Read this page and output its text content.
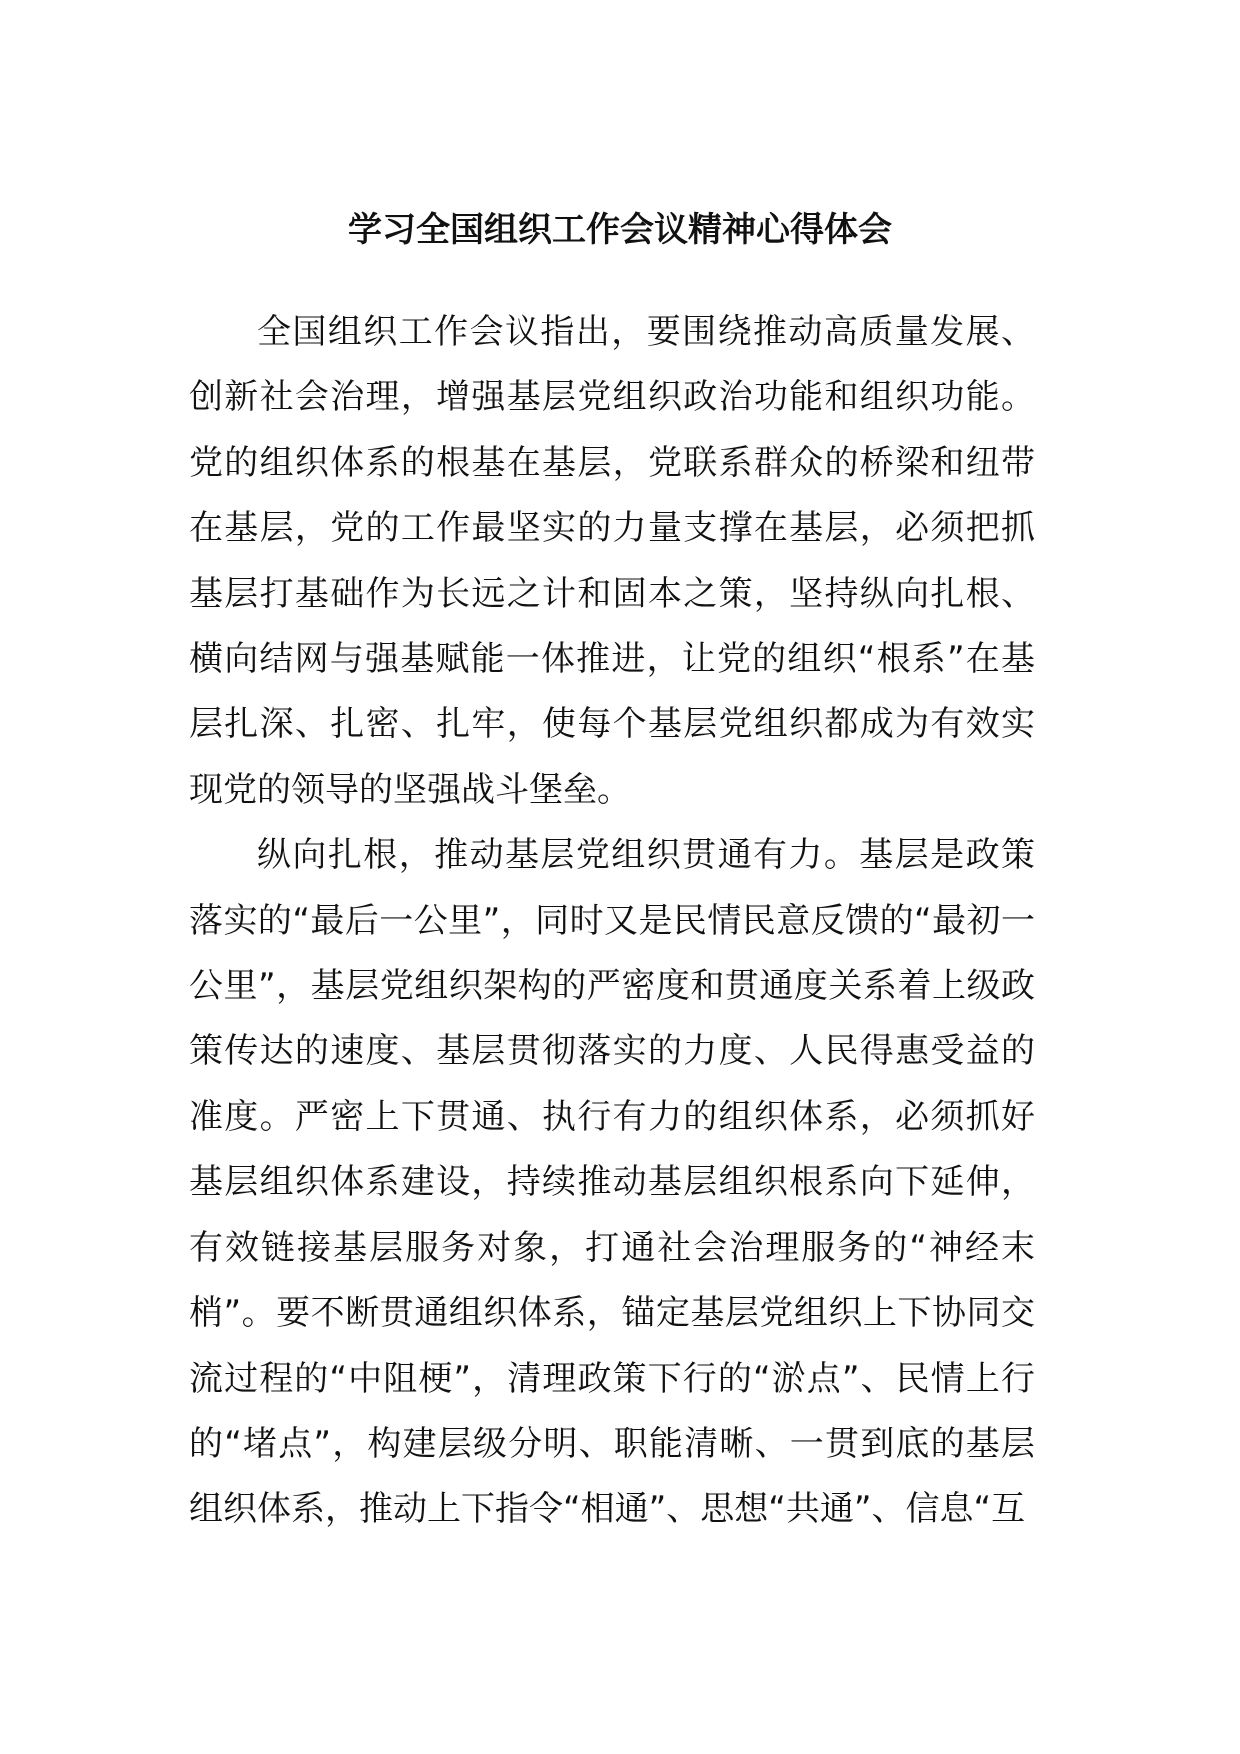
学习全国组织工作会议精神心得体会

全国组织工作会议指出，要围绕推动高质量发展、创新社会治理，增强基层党组织政治功能和组织功能。党的组织体系的根基在基层，党联系群众的桥梁和纽带在基层，党的工作最坚实的力量支撑在基层，必须把抓基层打基础作为长远之计和固本之策，坚持纵向扎根、横向结网与强基赋能一体推进，让党的组织“根系”在基层扎深、扎密、扎牢，使每个基层党组织都成为有效实现党的领导的坚强战斗堡垒。

纵向扎根，推动基层党组织贯通有力。基层是政策落实的“最后一公里”，同时又是民情民意反馈的“最初一公里”，基层党组织架构的严密度和贯通度关系着上级政策传达的速度、基层贯彻落实的力度、人民得惠受益的准度。严密上下贯通、执行有力的组织体系，必须抓好基层组织体系建设，持续推动基层组织根系向下延伸，有效链接基层服务对象，打通社会治理服务的“神经末梢”。要不断贯通组织体系，锚定基层党组织上下协同交流过程的“中阻梗”，清理政策下行的“淤点”、民情上行的“堵点”，构建层级分明、职能清晰、一贯到底的基层组织体系，推动上下指令“相通”、思想“共通”、信息“互
